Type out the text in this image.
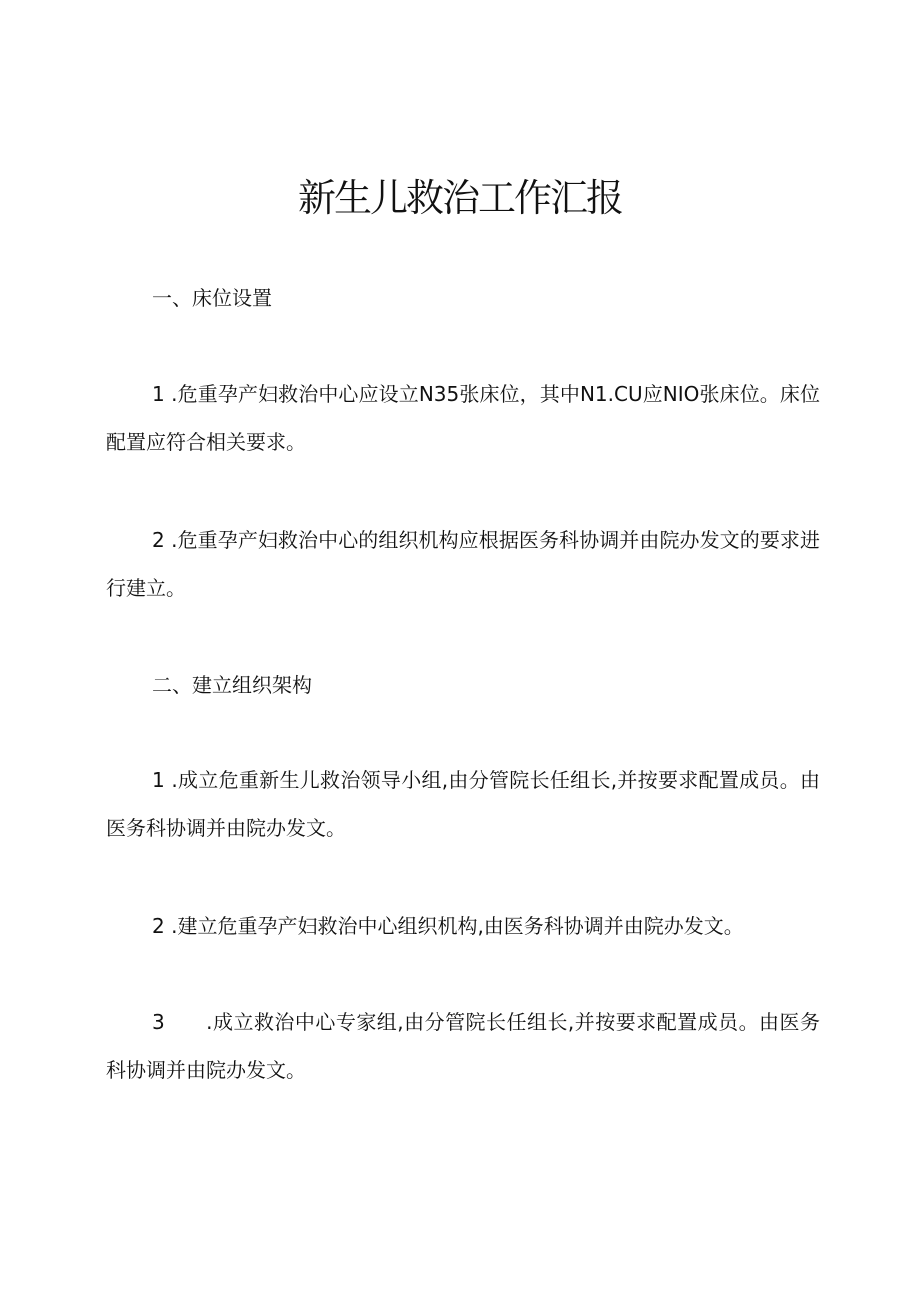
新生儿救治工作汇报

一、床位设置

1 .危重孕产妇救治中心应设立N35张床位，其中N1.CU应NIO张床位。床位配置应符合相关要求。

2 .危重孕产妇救治中心的组织机构应根据医务科协调并由院办发文的要求进行建立。

二、建立组织架构

1 .成立危重新生儿救治领导小组,由分管院长任组长,并按要求配置成员。由医务科协调并由院办发文。

2 .建立危重孕产妇救治中心组织机构,由医务科协调并由院办发文。

3　　.成立救治中心专家组,由分管院长任组长,并按要求配置成员。由医务科协调并由院办发文。
